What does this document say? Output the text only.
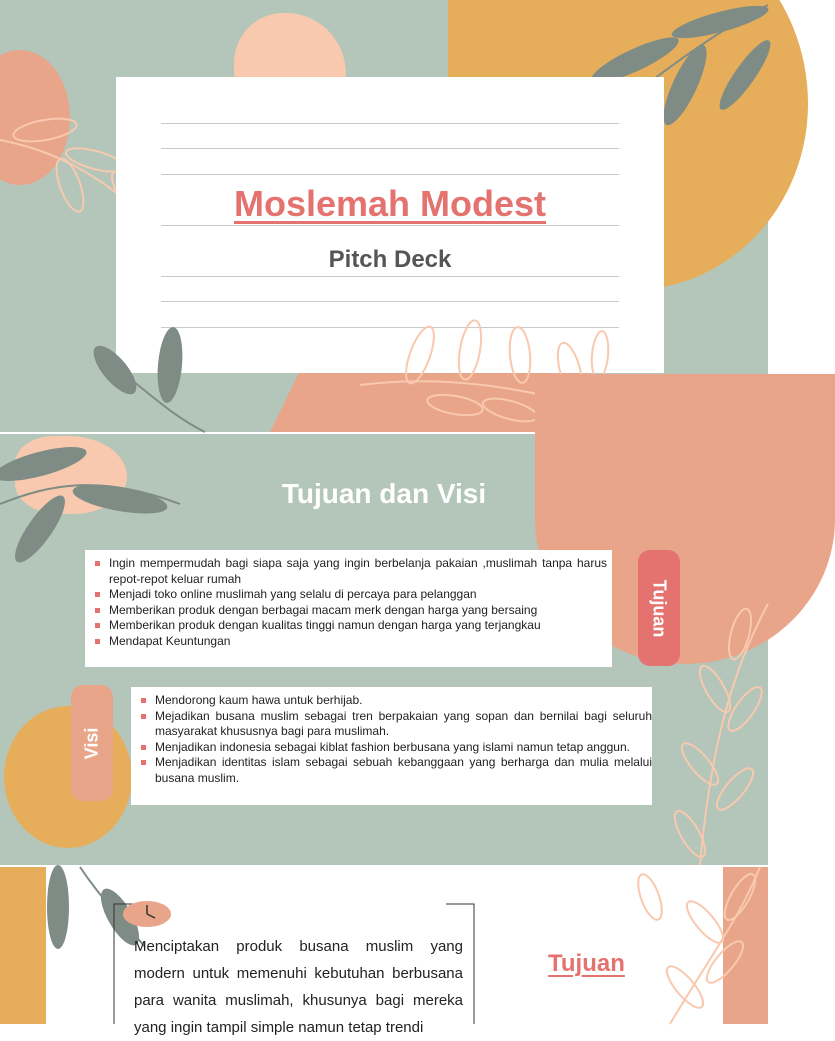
Moslemah Modest
Pitch Deck
Tujuan dan Visi
Ingin mempermudah bagi siapa saja yang ingin berbelanja pakaian ,muslimah tanpa harus repot-repot keluar rumah
Menjadi toko online muslimah yang selalu di percaya para pelanggan
Memberikan produk dengan berbagai macam merk dengan harga yang bersaing
Memberikan produk dengan kualitas tinggi namun dengan harga yang terjangkau
Mendapat Keuntungan
Tujuan
Visi
Mendorong kaum hawa untuk berhijab.
Mejadikan busana muslim sebagai tren berpakaian yang sopan dan bernilai bagi seluruh masyarakat khususnya bagi para muslimah.
Menjadikan indonesia sebagai kiblat fashion berbusana yang islami namun tetap anggun.
Menjadikan identitas islam sebagai sebuah kebanggaan yang berharga dan mulia melalui busana muslim.
Menciptakan produk busana muslim yang modern untuk memenuhi kebutuhan berbusana para wanita muslimah, khusunya bagi mereka yang ingin tampil simple namun tetap trendi
Tujuan
